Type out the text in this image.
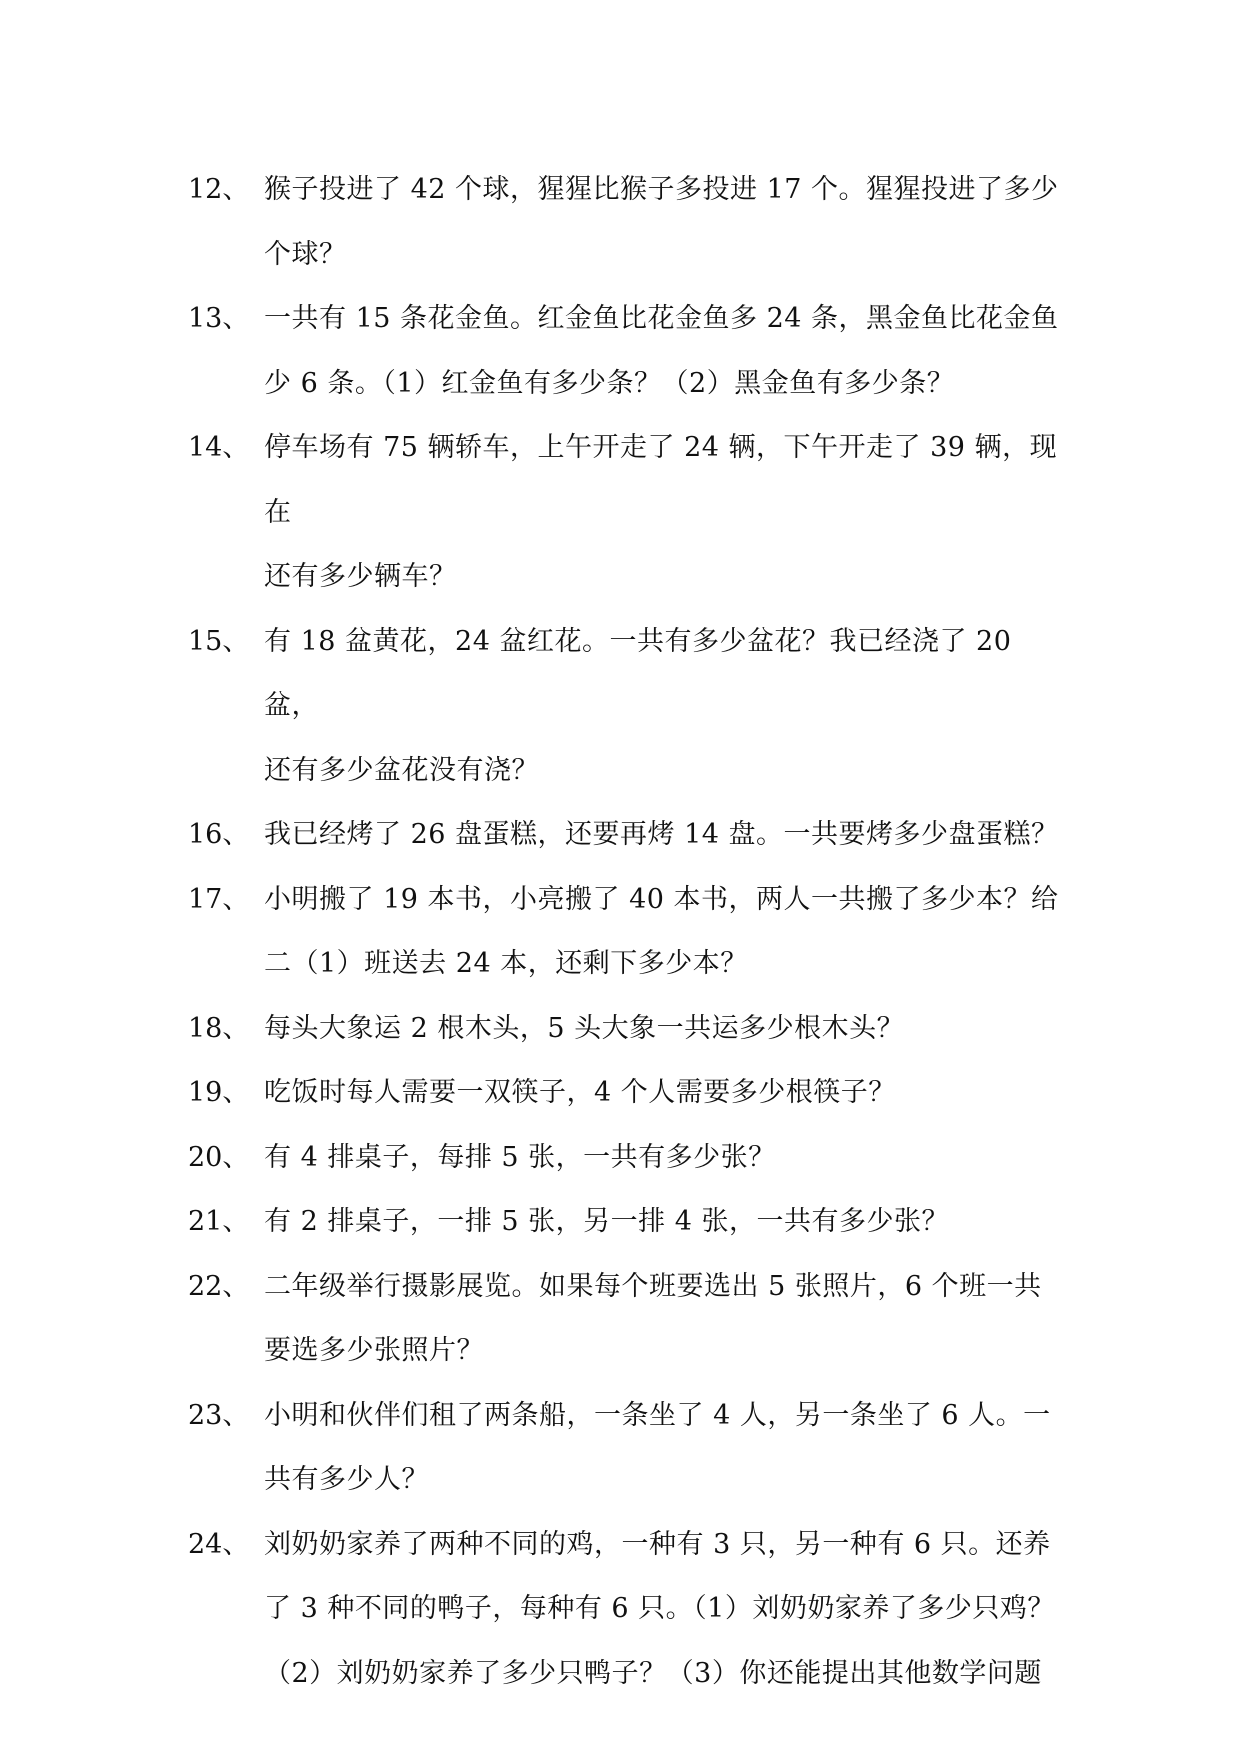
12、 猴子投进了 42 个球，猩猩比猴子多投进 17 个。猩猩投进了多少
个球？
13、 一共有 15 条花金鱼。红金鱼比花金鱼多 24 条，黑金鱼比花金鱼
少 6 条。（1）红金鱼有多少条？（2）黑金鱼有多少条？
14、 停车场有 75 辆轿车，上午开走了 24 辆，下午开走了 39 辆，现在
还有多少辆车？
15、 有 18 盆黄花，24 盆红花。一共有多少盆花？我已经浇了 20 盆，
还有多少盆花没有浇？
16、 我已经烤了 26 盘蛋糕，还要再烤 14 盘。一共要烤多少盘蛋糕？
17、 小明搬了 19 本书，小亮搬了 40 本书，两人一共搬了多少本？给
二（1）班送去 24 本，还剩下多少本？
18、 每头大象运 2 根木头，5 头大象一共运多少根木头？
19、 吃饭时每人需要一双筷子，4 个人需要多少根筷子？
20、 有 4 排桌子，每排 5 张，一共有多少张？
21、 有 2 排桌子，一排 5 张，另一排 4 张，一共有多少张？
22、 二年级举行摄影展览。如果每个班要选出 5 张照片，6 个班一共
要选多少张照片？
23、 小明和伙伴们租了两条船，一条坐了 4 人，另一条坐了 6 人。一
共有多少人？
24、 刘奶奶家养了两种不同的鸡，一种有 3 只，另一种有 6 只。还养
了 3 种不同的鸭子，每种有 6 只。（1）刘奶奶家养了多少只鸡？
（2）刘奶奶家养了多少只鸭子？（3）你还能提出其他数学问题
